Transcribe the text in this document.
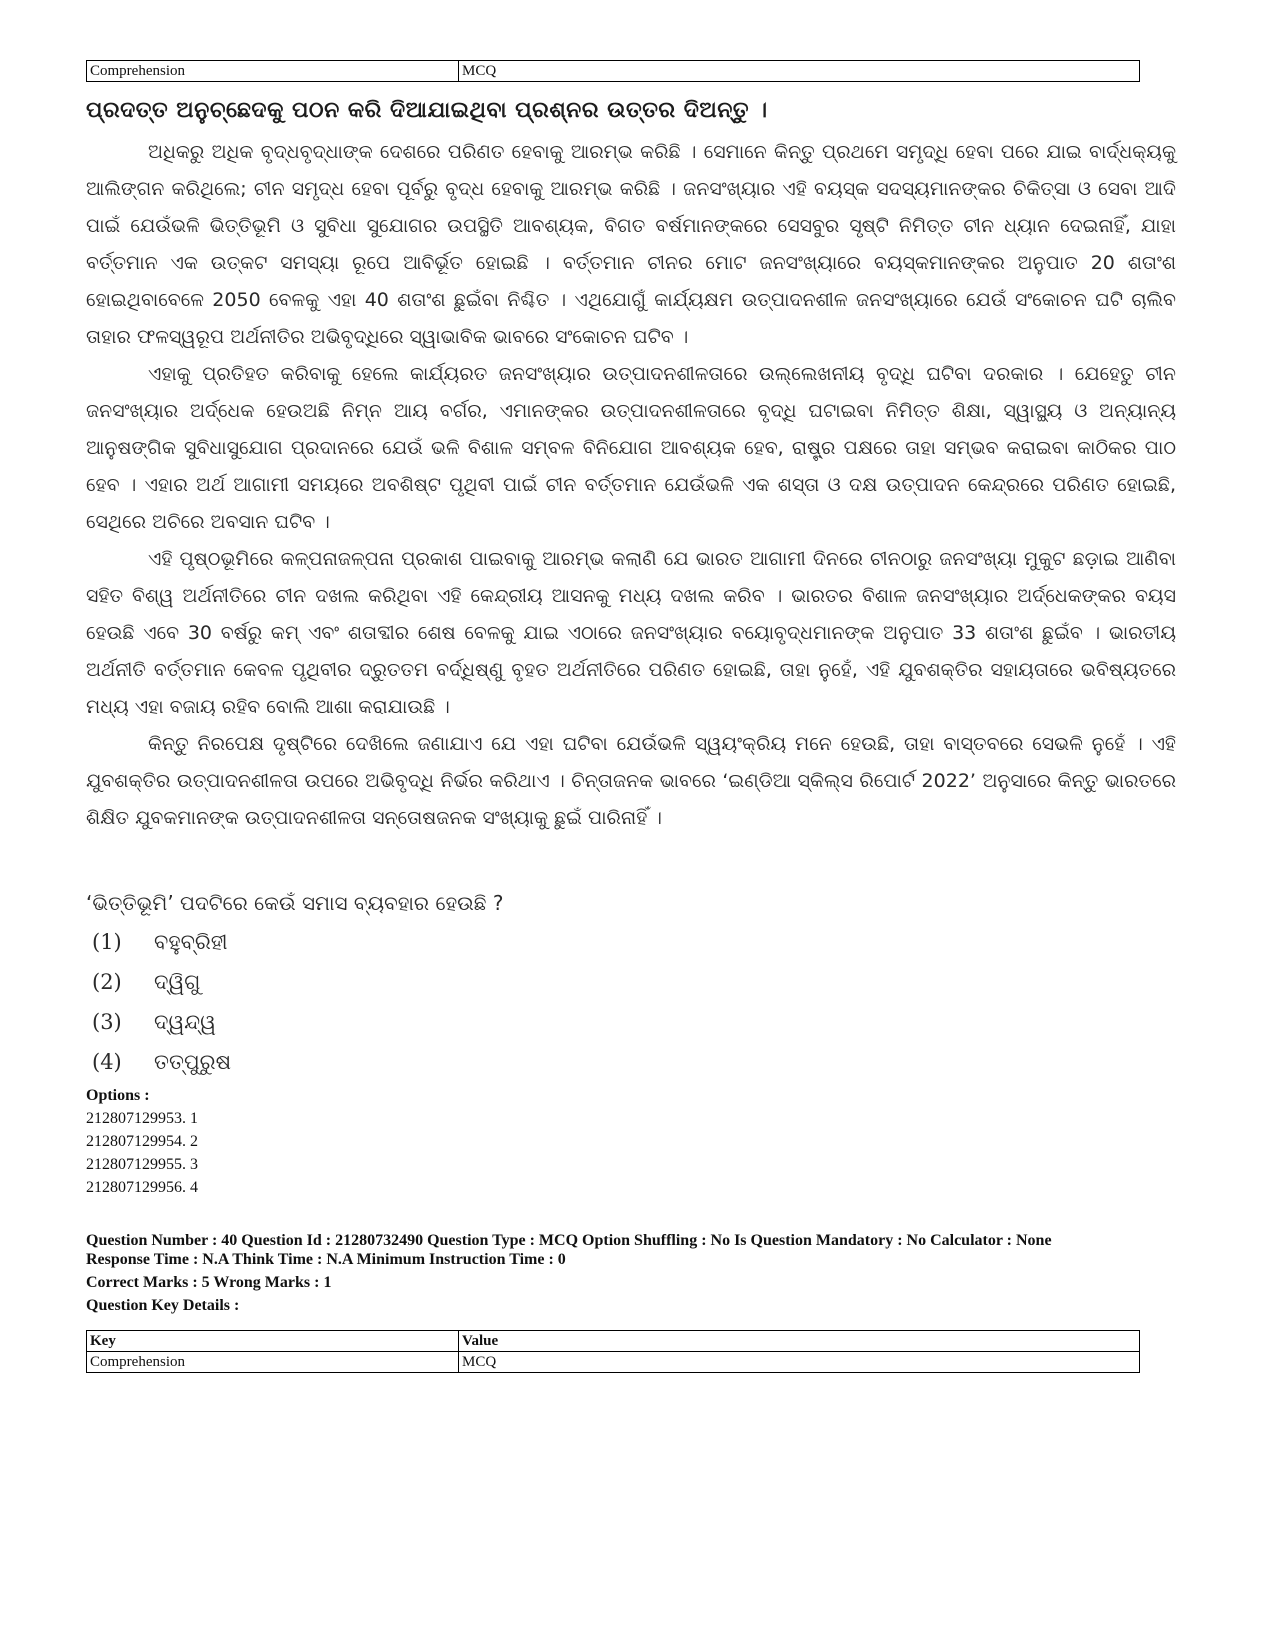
Comprehension	MCQ
ପ୍ରଦତ୍ତ ଅନୁଚ୍ଛେଦକୁ ପଠନ କରି ଦିଆଯାଇଥିବା ପ୍ରଶ୍ନର ଉତ୍ତର ଦିଅନ୍ତୁ ।

ଅଧିକରୁ ଅଧିକ ବୃଦ୍ଧବୃଦ୍ଧାଙ୍କ ଦେଶରେ ପରିଣତ ହେବାକୁ ଆରମ୍ଭ କରିଛି । ସେମାନେ କିନ୍ତୁ ପ୍ରଥମେ ସମୃଦ୍ଧି ହେବା ପରେ ଯାଇ ବାର୍ଦ୍ଧକ୍ୟକୁ ଆଲିଙ୍ଗନ କରିଥିଲେ; ଚୀନ ସମୃଦ୍ଧ ହେବା ପୂର୍ବରୁ ବୃଦ୍ଧ ହେବାକୁ ଆରମ୍ଭ କରିଛି । ଜନସଂଖ୍ୟାର ଏହି ବୟସ୍କ ସଦସ୍ୟମାନଙ୍କର ଚିକିତ୍ସା ଓ ସେବା ଆଦି ପାଇଁ ଯେଉଁଭଳି ଭିତ୍ତିଭୂମି ଓ ସୁବିଧା ସୁଯୋଗର ଉପସ୍ଥିତି ଆବଶ୍ୟକ, ବିଗତ ବର୍ଷମାନଙ୍କରେ ସେସବୁର ସୃଷ୍ଟି ନିମିତ୍ତ ଚୀନ ଧ୍ୟାନ ଦେଇନାହିଁ, ଯାହା ବର୍ତ୍ତମାନ ଏକ ଉତ୍କଟ ସମସ୍ୟା ରୂପେ ଆବିର୍ଭୂତ ହୋଇଛି । ବର୍ତ୍ତମାନ ଚୀନର ମୋଟ ଜନସଂଖ୍ୟାରେ ବୟସ୍କମାନଙ୍କର ଅନୁପାତ 20 ଶତାଂଶ ହୋଇଥିବାବେଳେ 2050 ବେଳକୁ ଏହା 40 ଶତାଂଶ ଛୁଇଁବା ନିଶ୍ଚିତ । ଏଥିଯୋଗୁଁ କାର୍ଯ୍ୟକ୍ଷମ ଉତ୍ପାଦନଶୀଳ ଜନସଂଖ୍ୟାରେ ଯେଉଁ ସଂକୋଚନ ଘଟି ଚାଲିବ ତାହାର ଫଳସ୍ୱରୂପ ଅର୍ଥନୀତିର ଅଭିବୃଦ୍ଧିରେ ସ୍ୱାଭାବିକ ଭାବରେ ସଂକୋଚନ ଘଟିବ ।

ଏହାକୁ ପ୍ରତିହତ କରିବାକୁ ହେଲେ କାର୍ଯ୍ୟରତ ଜନସଂଖ୍ୟାର ଉତ୍ପାଦନଶୀଳତାରେ ଉଲ୍ଲେଖନୀୟ ବୃଦ୍ଧି ଘଟିବା ଦରକାର । ଯେହେତୁ ଚୀନ ଜନସଂଖ୍ୟାର ଅର୍ଦ୍ଧେକ ହେଉଅଛି ନିମ୍ନ ଆୟ ବର୍ଗର, ଏମାନଙ୍କର ଉତ୍ପାଦନଶୀଳତାରେ ବୃଦ୍ଧି ଘଟାଇବା ନିମିତ୍ତ ଶିକ୍ଷା, ସ୍ୱାସ୍ଥ୍ୟ ଓ ଅନ୍ୟାନ୍ୟ ଆନୁଷଙ୍ଗିକ ସୁବିଧାସୁଯୋଗ ପ୍ରଦାନରେ ଯେଉଁ ଭଳି ବିଶାଳ ସମ୍ବଳ ବିନିଯୋଗ ଆବଶ୍ୟକ ହେବ, ରାଷ୍ଟ୍ର ପକ୍ଷରେ ତାହା ସମ୍ଭବ କରାଇବା କାଠିକର ପାଠ ହେବ । ଏହାର ଅର୍ଥ ଆଗାମୀ ସମୟରେ ଅବଶିଷ୍ଟ ପୃଥିବୀ ପାଇଁ ଚୀନ ବର୍ତ୍ତମାନ ଯେଉଁଭଳି ଏକ ଶସ୍ତା ଓ ଦକ୍ଷ ଉତ୍ପାଦନ କେନ୍ଦ୍ରରେ ପରିଣତ ହୋଇଛି, ସେଥିରେ ଅଚିରେ ଅବସାନ ଘଟିବ ।

ଏହି ପୃଷ୍ଠଭୂମିରେ କଳ୍ପନାଜଳ୍ପନା ପ୍ରକାଶ ପାଇବାକୁ ଆରମ୍ଭ କଲାଣି ଯେ ଭାରତ ଆଗାମୀ ଦିନରେ ଚୀନଠାରୁ ଜନସଂଖ୍ୟା ମୁକୁଟ ଛଡ଼ାଇ ଆଣିବା ସହିତ ବିଶ୍ୱ ଅର୍ଥନୀତିରେ ଚୀନ ଦଖଲ କରିଥିବା ଏହି କେନ୍ଦ୍ରୀୟ ଆସନକୁ ମଧ୍ୟ ଦଖଲ କରିବ । ଭାରତର ବିଶାଳ ଜନସଂଖ୍ୟାର ଅର୍ଦ୍ଧେକଙ୍କର ବୟସ ହେଉଛି ଏବେ 30 ବର୍ଷରୁ କମ୍ ଏବଂ ଶତାବ୍ଦୀର ଶେଷ ବେଳକୁ ଯାଇ ଏଠାରେ ଜନସଂଖ୍ୟାର ବୟୋବୃଦ୍ଧମାନଙ୍କ ଅନୁପାତ 33 ଶତାଂଶ ଛୁଇଁବ । ଭାରତୀୟ ଅର୍ଥନୀତି ବର୍ତ୍ତମାନ କେବଳ ପୃଥିବୀର ଦ୍ରୁତତମ ବର୍ଦ୍ଧିଷ୍ଣୁ ବୃହତ ଅର୍ଥନୀତିରେ ପରିଣତ ହୋଇଛି, ତାହା ନୁହେଁ, ଏହି ଯୁବଶକ୍ତିର ସହାୟତାରେ ଭବିଷ୍ୟତରେ ମଧ୍ୟ ଏହା ବଜାୟ ରହିବ ବୋଲି ଆଶା କରାଯାଉଛି ।

କିନ୍ତୁ ନିରପେକ୍ଷ ଦୃଷ୍ଟିରେ ଦେଖିଲେ ଜଣାଯାଏ ଯେ ଏହା ଘଟିବା ଯେଉଁଭଳି ସ୍ୱୟଂକ୍ରିୟ ମନେ ହେଉଛି, ତାହା ବାସ୍ତବରେ ସେଭଳି ନୁହେଁ । ଏହି ଯୁବଶକ୍ତିର ଉତ୍ପାଦନଶୀଳତା ଉପରେ ଅଭିବୃଦ୍ଧି ନିର୍ଭର କରିଥାଏ । ଚିନ୍ତାଜନକ ଭାବରେ ‘ଇଣ୍ଡିଆ ସ୍କିଲ୍ସ ରିପୋର୍ଟ 2022’ ଅନୁସାରେ କିନ୍ତୁ ଭାରତରେ ଶିକ୍ଷିତ ଯୁବକମାନଙ୍କ ଉତ୍ପାଦନଶୀଳତା ସନ୍ତୋଷଜନକ ସଂଖ୍ୟାକୁ ଛୁଇଁ ପାରିନାହିଁ ।

‘ଭିତ୍ତିଭୂମି’ ପଦଟିରେ କେଉଁ ସମାସ ବ୍ୟବହାର ହେଉଛି ?
(1)	ବହୁବ୍ରିହୀ
(2)	ଦ୍ୱିଗୁ
(3)	ଦ୍ୱନ୍ଦ୍ୱ
(4)	ତତ୍ପୁରୁଷ
Options :
212807129953. 1
212807129954. 2
212807129955. 3
212807129956. 4
Question Number : 40 Question Id : 21280732490 Question Type : MCQ Option Shuffling : No Is Question Mandatory : No Calculator : None
Response Time : N.A Think Time : N.A Minimum Instruction Time : 0
Correct Marks : 5 Wrong Marks : 1
Question Key Details :
Key	Value
Comprehension	MCQ
